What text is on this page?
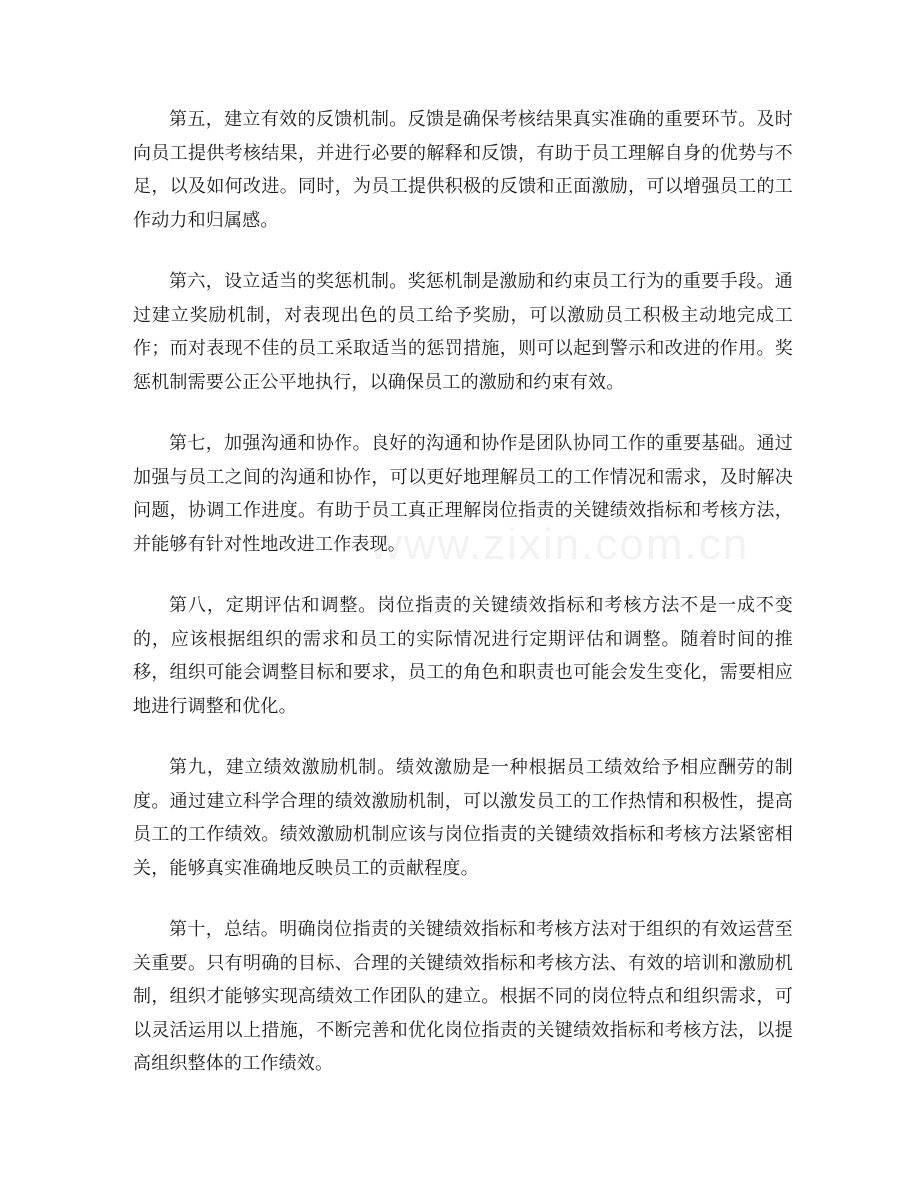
第五，建立有效的反馈机制。反馈是确保考核结果真实准确的重要环节。及时向员工提供考核结果，并进行必要的解释和反馈，有助于员工理解自身的优势与不足，以及如何改进。同时，为员工提供积极的反馈和正面激励，可以增强员工的工作动力和归属感。

第六，设立适当的奖惩机制。奖惩机制是激励和约束员工行为的重要手段。通过建立奖励机制，对表现出色的员工给予奖励，可以激励员工积极主动地完成工作；而对表现不佳的员工采取适当的惩罚措施，则可以起到警示和改进的作用。奖惩机制需要公正公平地执行，以确保员工的激励和约束有效。

第七，加强沟通和协作。良好的沟通和协作是团队协同工作的重要基础。通过加强与员工之间的沟通和协作，可以更好地理解员工的工作情况和需求，及时解决问题，协调工作进度。有助于员工真正理解岗位指责的关键绩效指标和考核方法，并能够有针对性地改进工作表现。

第八，定期评估和调整。岗位指责的关键绩效指标和考核方法不是一成不变的，应该根据组织的需求和员工的实际情况进行定期评估和调整。随着时间的推移，组织可能会调整目标和要求，员工的角色和职责也可能会发生变化，需要相应地进行调整和优化。

第九，建立绩效激励机制。绩效激励是一种根据员工绩效给予相应酬劳的制度。通过建立科学合理的绩效激励机制，可以激发员工的工作热情和积极性，提高员工的工作绩效。绩效激励机制应该与岗位指责的关键绩效指标和考核方法紧密相关，能够真实准确地反映员工的贡献程度。

第十，总结。明确岗位指责的关键绩效指标和考核方法对于组织的有效运营至关重要。只有明确的目标、合理的关键绩效指标和考核方法、有效的培训和激励机制，组织才能够实现高绩效工作团队的建立。根据不同的岗位特点和组织需求，可以灵活运用以上措施，不断完善和优化岗位指责的关键绩效指标和考核方法，以提高组织整体的工作绩效。

www.zixin.com.cn
